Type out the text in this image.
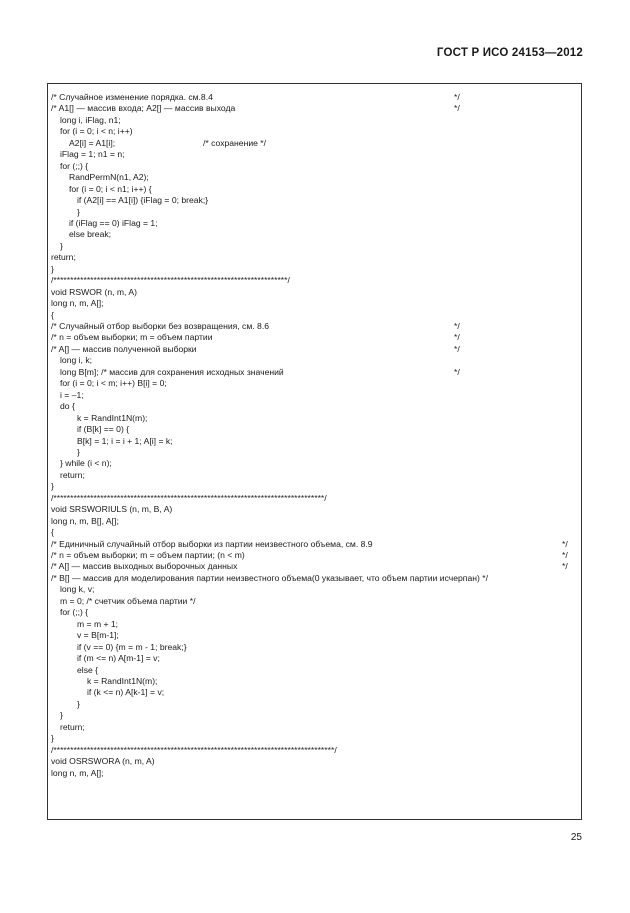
ГОСТ Р ИСО 24153—2012
/* Случайное изменение порядка. см.8.4	*/
/* A1[] — массив входа; A2[] — массив выхода	*/
long i, iFlag, n1;
for (i = 0; i < n; i++)
A2[i] = A1[i];	/* сохранение */
iFlag = 1; n1 = n;
for (;;) {
RandPermN(n1, A2);
for (i = 0; i < n1; i++) {
if (A2[i] == A1[i]) {iFlag = 0; break;}
}
if (iFlag == 0) iFlag = 1;
else break;
}
return;
}
/**********************************************************************/
void RSWOR (n, m, A)
long n, m, A[];
{
/* Случайный отбор выборки без возвращения, см. 8.6	*/
/* n = объем выборки; m = объем партии	*/
/* A[] — массив полученной выборки	*/
long i, k;
long B[m]; /* массив для сохранения исходных значений	*/
for (i = 0; i < m; i++) B[i] = 0;
i = –1;
do {
k = RandInt1N(m);
if (B[k] == 0) {
B[k] = 1; i = i + 1; A[i] = k;
}
} while (i < n);
return;
}
/*********************************************************************************/
void SRSWORIULS (n, m, B, A)
long n, m, B[], A[];
{
/* Единичный случайный отбор выборки из партии неизвестного объема, см. 8.9	*/
/* n = объем выборки; m = объем партии; (n < m)	*/
/* A[] — массив выходных выборочных данных	*/
/* B[] — массив для моделирования партии неизвестного объема(0 указывает, что объем партии исчерпан) */
long k, v;
m = 0; /* счетчик объема партии */
for (;;) {
m = m + 1;
v = B[m-1];
if (v == 0) {m = m - 1; break;}
if (m <= n) A[m-1] = v;
else {
k = RandInt1N(m);
if (k <= n) A[k-1] = v;
}
}
return;
}
/************************************************************************************/
void OSRSWORA (n, m, A)
long n, m, A[];
25
